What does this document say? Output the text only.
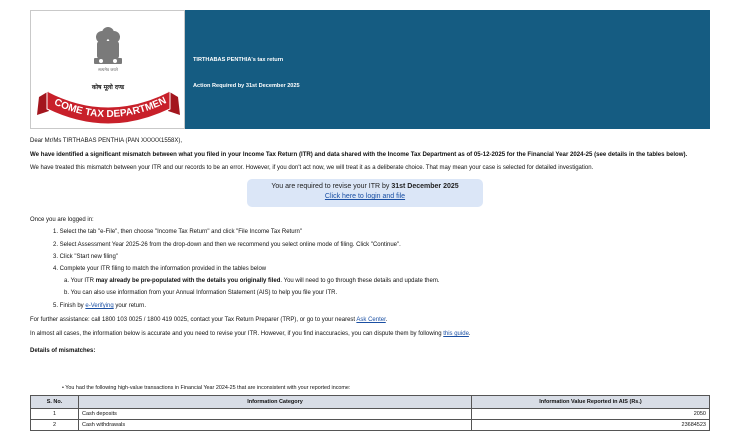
सत्यमेव जयते
कोष मूलो दण्ड
COME TAX DEPARTMEN
TIRTHABAS PENTHIA's tax return
Action Required by 31st December 2025
Dear Mr/Ms TIRTHABAS PENTHIA (PAN XXXXX1558X),
We have identified a significant mismatch between what you filed in your Income Tax Return (ITR) and data shared with the Income Tax Department as of 05-12-2025 for the Financial Year 2024-25 (see details in the tables below).
We have treated this mismatch between your ITR and our records to be an error. However, if you don't act now, we will treat it as a deliberate choice. That may mean your case is selected for detailed investigation.
You are required to revise your ITR by 31st December 2025
Click here to login and file
Once you are logged in:
1. Select the tab "e-File", then choose "Income Tax Return" and click "File Income Tax Return"
2. Select Assessment Year 2025-26 from the drop-down and then we recommend you select online mode of filing. Click "Continue".
3. Click "Start new filing"
4. Complete your ITR filing to match the information provided in the tables below
a. Your ITR may already be pre-populated with the details you originally filed. You will need to go through these details and update them.
b. You can also use information from your Annual Information Statement (AIS) to help you file your ITR.
5. Finish by e-Verifying your return.
For further assistance: call 1800 103 0025 / 1800 419 0025, contact your Tax Return Preparer (TRP), or go to your nearest Ask Center.
In almost all cases, the information below is accurate and you need to revise your ITR. However, if you find inaccuracies, you can dispute them by following this guide.
Details of mismatches:
• You had the following high-value transactions in Financial Year 2024-25 that are inconsistent with your reported income:
S. No.	Information Category	Information Value Reported in AIS (Rs.)
1	Cash deposits	2050
2	Cash withdrawals	23684523
